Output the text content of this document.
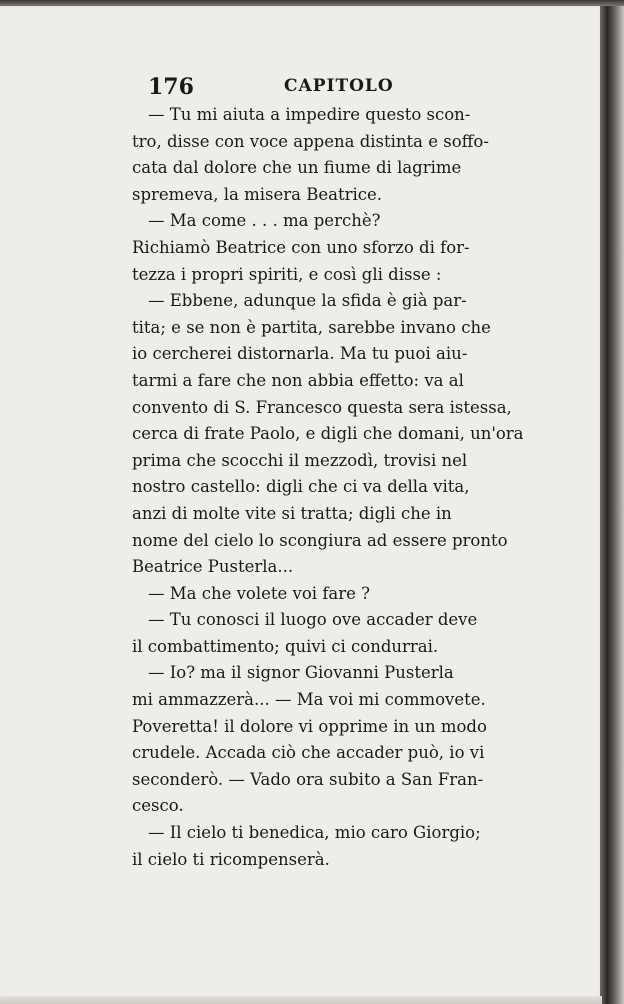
176	CAPITOLO
— Tu mi aiuta a impedire questo scon-
tro, disse con voce appena distinta e soffo-
cata dal dolore che un fiume di lagrime
spremeva, la misera Beatrice.
— Ma come . . . ma perchè?
Richiamò Beatrice con uno sforzo di for-
tezza i propri spiriti, e così gli disse :
— Ebbene, adunque la sfida è già par-
tita; e se non è partita, sarebbe invano che
io cercherei distornarla. Ma tu puoi aiu-
tarmi a fare che non abbia effetto: va al
convento di S. Francesco questa sera istessa,
cerca di frate Paolo, e digli che domani, un'ora
prima che scocchi il mezzodì, trovisi nel
nostro castello: digli che ci va della vita,
anzi di molte vite si tratta; digli che in
nome del cielo lo scongiura ad essere pronto
Beatrice Pusterla...
— Ma che volete voi fare ?
— Tu conosci il luogo ove accader deve
il combattimento; quivi ci condurrai.
— Io? ma il signor Giovanni Pusterla
mi ammazzerà... — Ma voi mi commovete.
Poveretta! il dolore vi opprime in un modo
crudele. Accada ciò che accader può, io vi
seconderò. — Vado ora subito a San Fran-
cesco.
— Il cielo ti benedica, mio caro Giorgio;
il cielo ti ricompenserà.
